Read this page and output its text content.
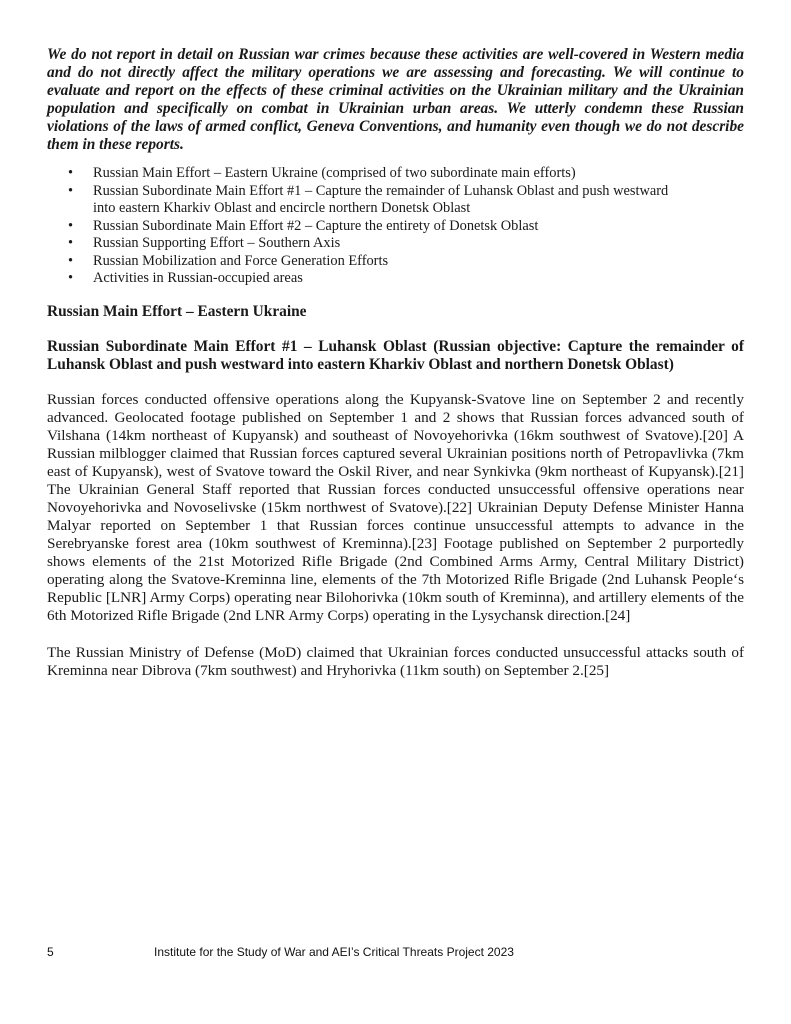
We do not report in detail on Russian war crimes because these activities are well-covered in Western media and do not directly affect the military operations we are assessing and forecasting. We will continue to evaluate and report on the effects of these criminal activities on the Ukrainian military and the Ukrainian population and specifically on combat in Ukrainian urban areas. We utterly condemn these Russian violations of the laws of armed conflict, Geneva Conventions, and humanity even though we do not describe them in these reports.

• Russian Main Effort – Eastern Ukraine (comprised of two subordinate main efforts)
• Russian Subordinate Main Effort #1 – Capture the remainder of Luhansk Oblast and push westward into eastern Kharkiv Oblast and encircle northern Donetsk Oblast
• Russian Subordinate Main Effort #2 – Capture the entirety of Donetsk Oblast
• Russian Supporting Effort – Southern Axis
• Russian Mobilization and Force Generation Efforts
• Activities in Russian-occupied areas

Russian Main Effort – Eastern Ukraine

Russian Subordinate Main Effort #1 – Luhansk Oblast (Russian objective: Capture the remainder of Luhansk Oblast and push westward into eastern Kharkiv Oblast and northern Donetsk Oblast)

Russian forces conducted offensive operations along the Kupyansk-Svatove line on September 2 and recently advanced. Geolocated footage published on September 1 and 2 shows that Russian forces advanced south of Vilshana (14km northeast of Kupyansk) and southeast of Novoyehorivka (16km southwest of Svatove).[20] A Russian milblogger claimed that Russian forces captured several Ukrainian positions north of Petropavlivka (7km east of Kupyansk), west of Svatove toward the Oskil River, and near Synkivka (9km northeast of Kupyansk).[21] The Ukrainian General Staff reported that Russian forces conducted unsuccessful offensive operations near Novoyehorivka and Novoselivske (15km northwest of Svatove).[22] Ukrainian Deputy Defense Minister Hanna Malyar reported on September 1 that Russian forces continue unsuccessful attempts to advance in the Serebryanske forest area (10km southwest of Kreminna).[23] Footage published on September 2 purportedly shows elements of the 21st Motorized Rifle Brigade (2nd Combined Arms Army, Central Military District) operating along the Svatove-Kreminna line, elements of the 7th Motorized Rifle Brigade (2nd Luhansk People‘s Republic [LNR] Army Corps) operating near Bilohorivka (10km south of Kreminna), and artillery elements of the 6th Motorized Rifle Brigade (2nd LNR Army Corps) operating in the Lysychansk direction.[24]

The Russian Ministry of Defense (MoD) claimed that Ukrainian forces conducted unsuccessful attacks south of Kreminna near Dibrova (7km southwest) and Hryhorivka (11km south) on September 2.[25]

5	Institute for the Study of War and AEI’s Critical Threats Project 2023
